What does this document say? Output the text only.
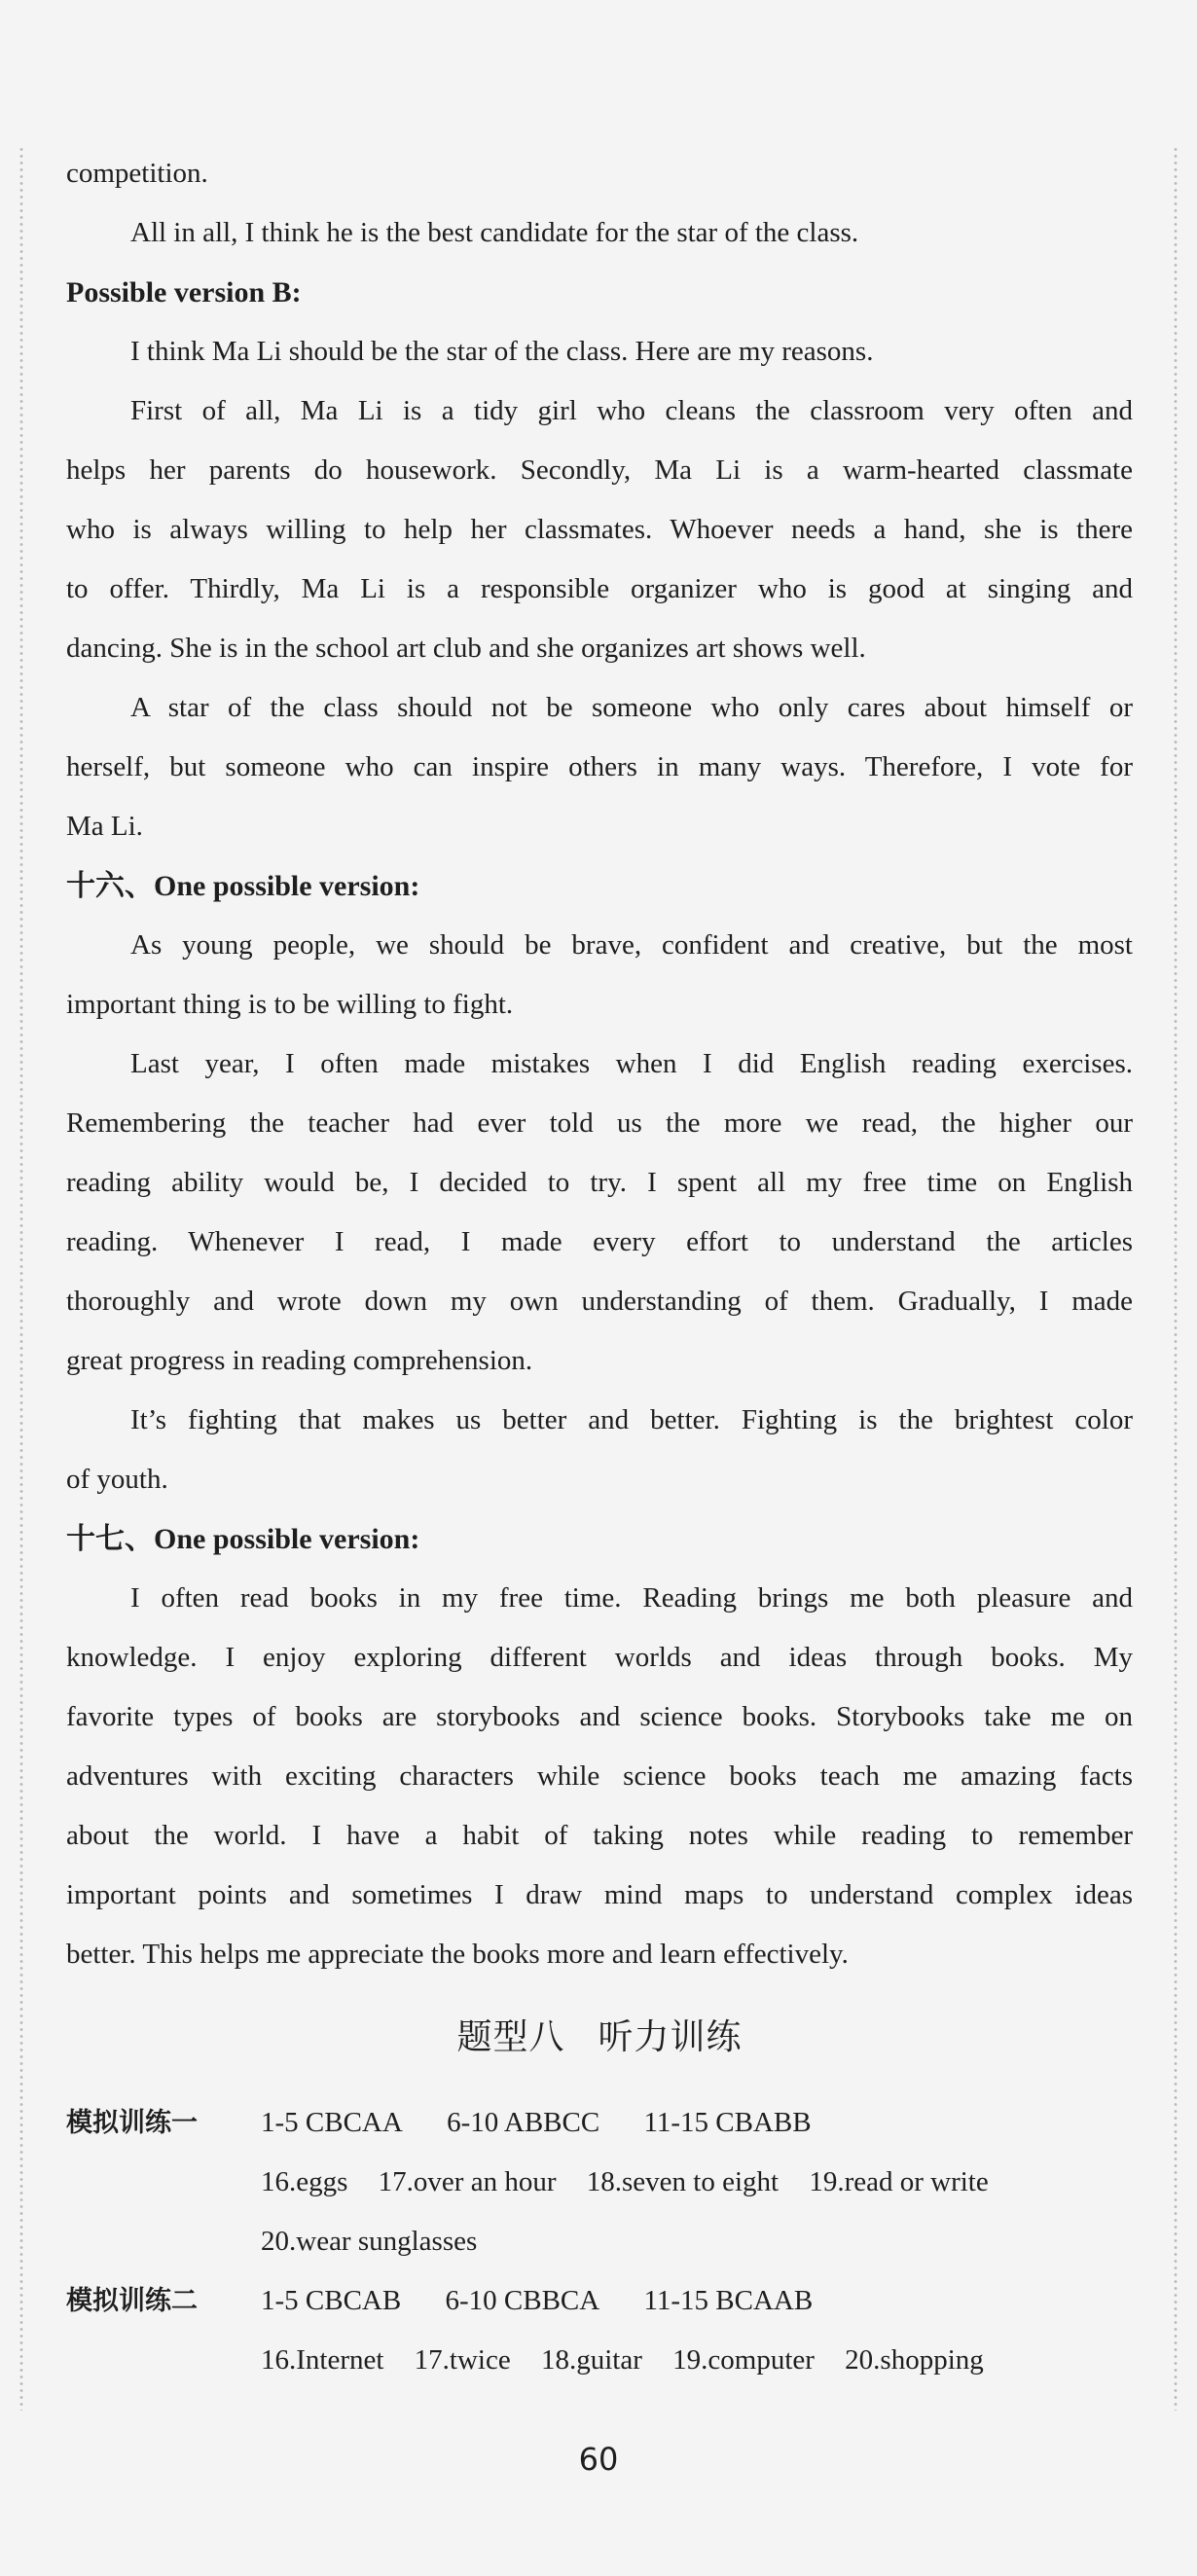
competition.
All in all, I think he is the best candidate for the star of the class.
Possible version B:
I think Ma Li should be the star of the class. Here are my reasons.
First of all, Ma Li is a tidy girl who cleans the classroom very often and
helps her parents do housework. Secondly, Ma Li is a warm-hearted classmate
who is always willing to help her classmates. Whoever needs a hand, she is there
to offer. Thirdly, Ma Li is a responsible organizer who is good at singing and
dancing. She is in the school art club and she organizes art shows well.
A star of the class should not be someone who only cares about himself or
herself, but someone who can inspire others in many ways. Therefore, I vote for
Ma Li.
十六、One possible version:
As young people, we should be brave, confident and creative, but the most
important thing is to be willing to fight.
Last year, I often made mistakes when I did English reading exercises.
Remembering the teacher had ever told us the more we read, the higher our
reading ability would be, I decided to try. I spent all my free time on English
reading. Whenever I read, I made every effort to understand the articles
thoroughly and wrote down my own understanding of them. Gradually, I made
great progress in reading comprehension.
It’s fighting that makes us better and better. Fighting is the brightest color
of youth.
十七、One possible version:
I often read books in my free time. Reading brings me both pleasure and
knowledge. I enjoy exploring different worlds and ideas through books. My
favorite types of books are storybooks and science books. Storybooks take me on
adventures with exciting characters while science books teach me amazing facts
about the world. I have a habit of taking notes while reading to remember
important points and sometimes I draw mind maps to understand complex ideas
better. This helps me appreciate the books more and learn effectively.
题型八 听力训练
模拟训练一	1-5 CBCAA 6-10 ABBCC 11-15 CBABB
16.eggs 17.over an hour 18.seven to eight 19.read or write
20.wear sunglasses
模拟训练二	1-5 CBCAB 6-10 CBBCA 11-15 BCAAB
16.Internet 17.twice 18.guitar 19.computer 20.shopping
60
